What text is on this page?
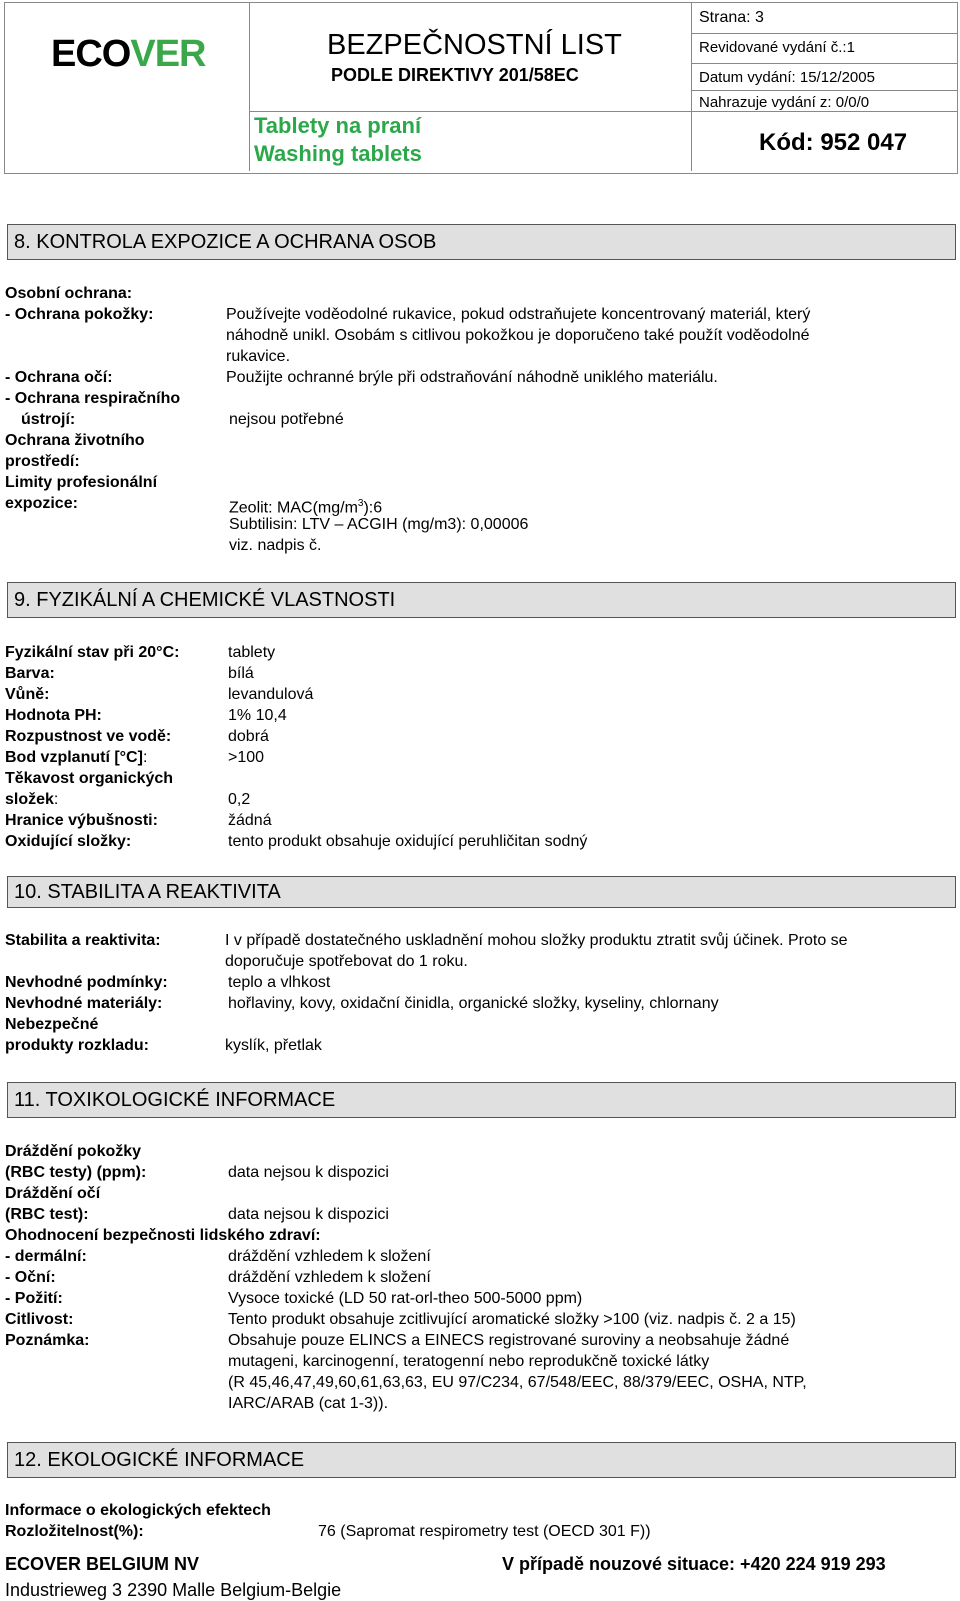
ECOVER	BEZPEČNOSTNÍ LIST
PODLE DIREKTIVY 201/58EC
Tablety na praní
Washing tablets
Strana: 3
Revidované vydání č.:1
Datum vydání: 15/12/2005
Nahrazuje vydání z: 0/0/0
Kód: 952 047
8. KONTROLA EXPOZICE A OCHRANA OSOB
Osobní ochrana:
- Ochrana pokožky:	Používejte voděodolné rukavice, pokud odstraňujete koncentrovaný materiál, který
náhodně unikl. Osobám s citlivou pokožkou je doporučeno také použít voděodolné
rukavice.
- Ochrana očí:	Použijte ochranné brýle při odstraňování náhodně uniklého materiálu.
- Ochrana respiračního
ústrojí:	nejsou potřebné
Ochrana životního
prostředí:
Limity profesionální
expozice:	Zeolit: $MAC(mg/m^3):6$
Subtilisin: LTV – ACGIH (mg/m3): 0,00006
viz. nadpis č.
9. FYZIKÁLNÍ A CHEMICKÉ VLASTNOSTI
Fyzikální stav při 20°C:	tablety
Barva:	bílá
Vůně:	levandulová
Hodnota PH:	1% 10,4
Rozpustnost ve vodě:	dobrá
Bod vzplanutí [°C]:	>100
Těkavost organických
složek:	0,2
Hranice výbušnosti:	žádná
Oxidující složky:	tento produkt obsahuje oxidující peruhličitan sodný
10. STABILITA A REAKTIVITA
Stabilita a reaktivita:	I v případě dostatečného uskladnění mohou složky produktu ztratit svůj účinek. Proto se
doporučuje spotřebovat do 1 roku.
Nevhodné podmínky:	teplo a vlhkost
Nevhodné materiály:	hořlaviny, kovy, oxidační činidla, organické složky, kyseliny, chlornany
Nebezpečné
produkty rozkladu:	kyslík, přetlak
11. TOXIKOLOGICKÉ INFORMACE
Dráždění pokožky
(RBC testy) (ppm):	data nejsou k dispozici
Dráždění očí
(RBC test):	data nejsou k dispozici
Ohodnocení bezpečnosti lidského zdraví:
- dermální:	dráždění vzhledem k složení
- Oční:	dráždění vzhledem k složení
- Požití:	Vysoce toxické (LD 50 rat-orl-theo 500-5000 ppm)
Citlivost:	Tento produkt obsahuje zcitlivující aromatické složky >100 (viz. nadpis č. 2 a 15)
Poznámka:	Obsahuje pouze ELINCS a EINECS registrované suroviny a neobsahuje žádné
mutageni, karcinogenní, teratogenní nebo reprodukčně toxické látky
(R 45,46,47,49,60,61,63,63, EU 97/C234, 67/548/EEC, 88/379/EEC, OSHA, NTP,
IARC/ARAB (cat 1-3)).
12. EKOLOGICKÉ INFORMACE
Informace o ekologických efektech
Rozložitelnost(%):	76 (Sapromat respirometry test (OECD 301 F))
ECOVER BELGIUM NV
Industrieweg 3 2390 Malle Belgium-Belgie
V případě nouzové situace: +420 224 919 293
